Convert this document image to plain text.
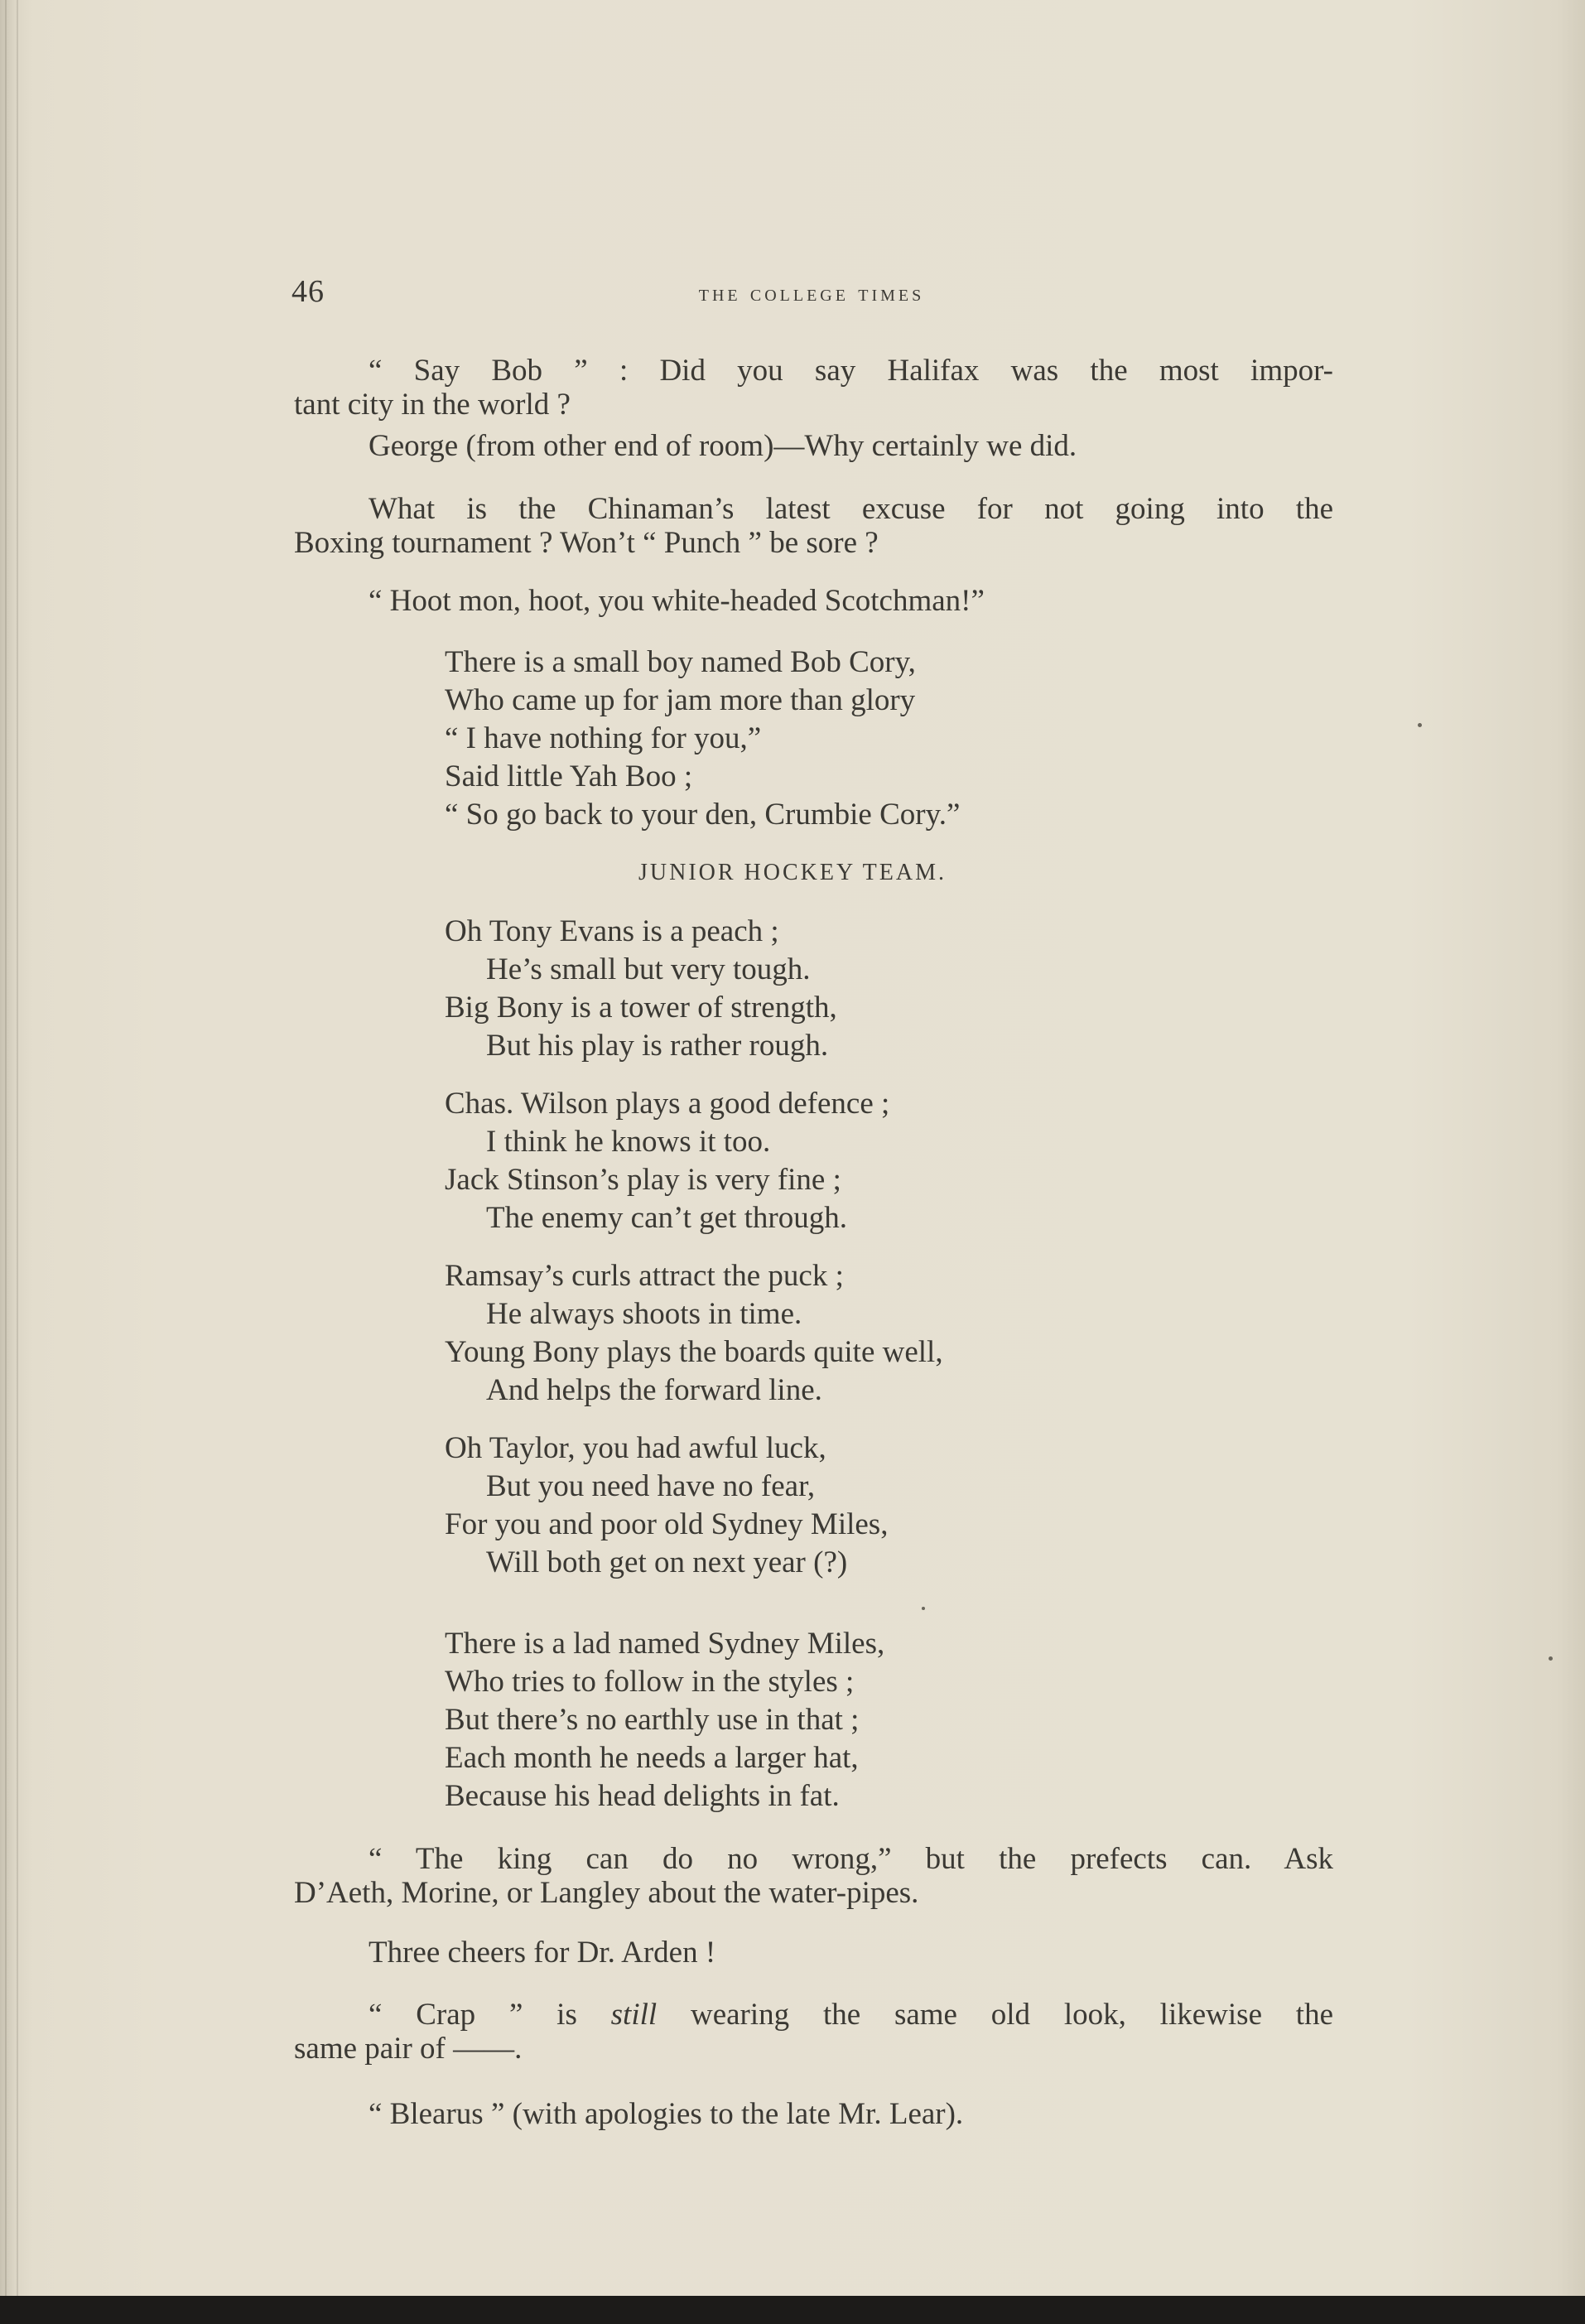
46	the college times
“ Say Bob ” : Did you say Halifax was the most impor-
tant city in the world ?
George (from other end of room)—Why certainly we did.
What is the Chinaman’s latest excuse for not going into the
Boxing tournament ? Won’t “ Punch ” be sore ?
“ Hoot mon, hoot, you white-headed Scotchman!”
There is a small boy named Bob Cory,
Who came up for jam more than glory
“ I have nothing for you,”
Said little Yah Boo ;
“ So go back to your den, Crumbie Cory.”
JUNIOR HOCKEY TEAM.
Oh Tony Evans is a peach ;
He’s small but very tough.
Big Bony is a tower of strength,
But his play is rather rough.
Chas. Wilson plays a good defence ;
I think he knows it too.
Jack Stinson’s play is very fine ;
The enemy can’t get through.
Ramsay’s curls attract the puck ;
He always shoots in time.
Young Bony plays the boards quite well,
And helps the forward line.
Oh Taylor, you had awful luck,
But you need have no fear,
For you and poor old Sydney Miles,
Will both get on next year (?)
There is a lad named Sydney Miles,
Who tries to follow in the styles ;
But there’s no earthly use in that ;
Each month he needs a larger hat,
Because his head delights in fat.
“ The king can do no wrong,” but the prefects can. Ask
D’Aeth, Morine, or Langley about the water-pipes.
Three cheers for Dr. Arden !
“ Crap ” is still wearing the same old look, likewise the
same pair of ——.
“ Blearus ” (with apologies to the late Mr. Lear).
